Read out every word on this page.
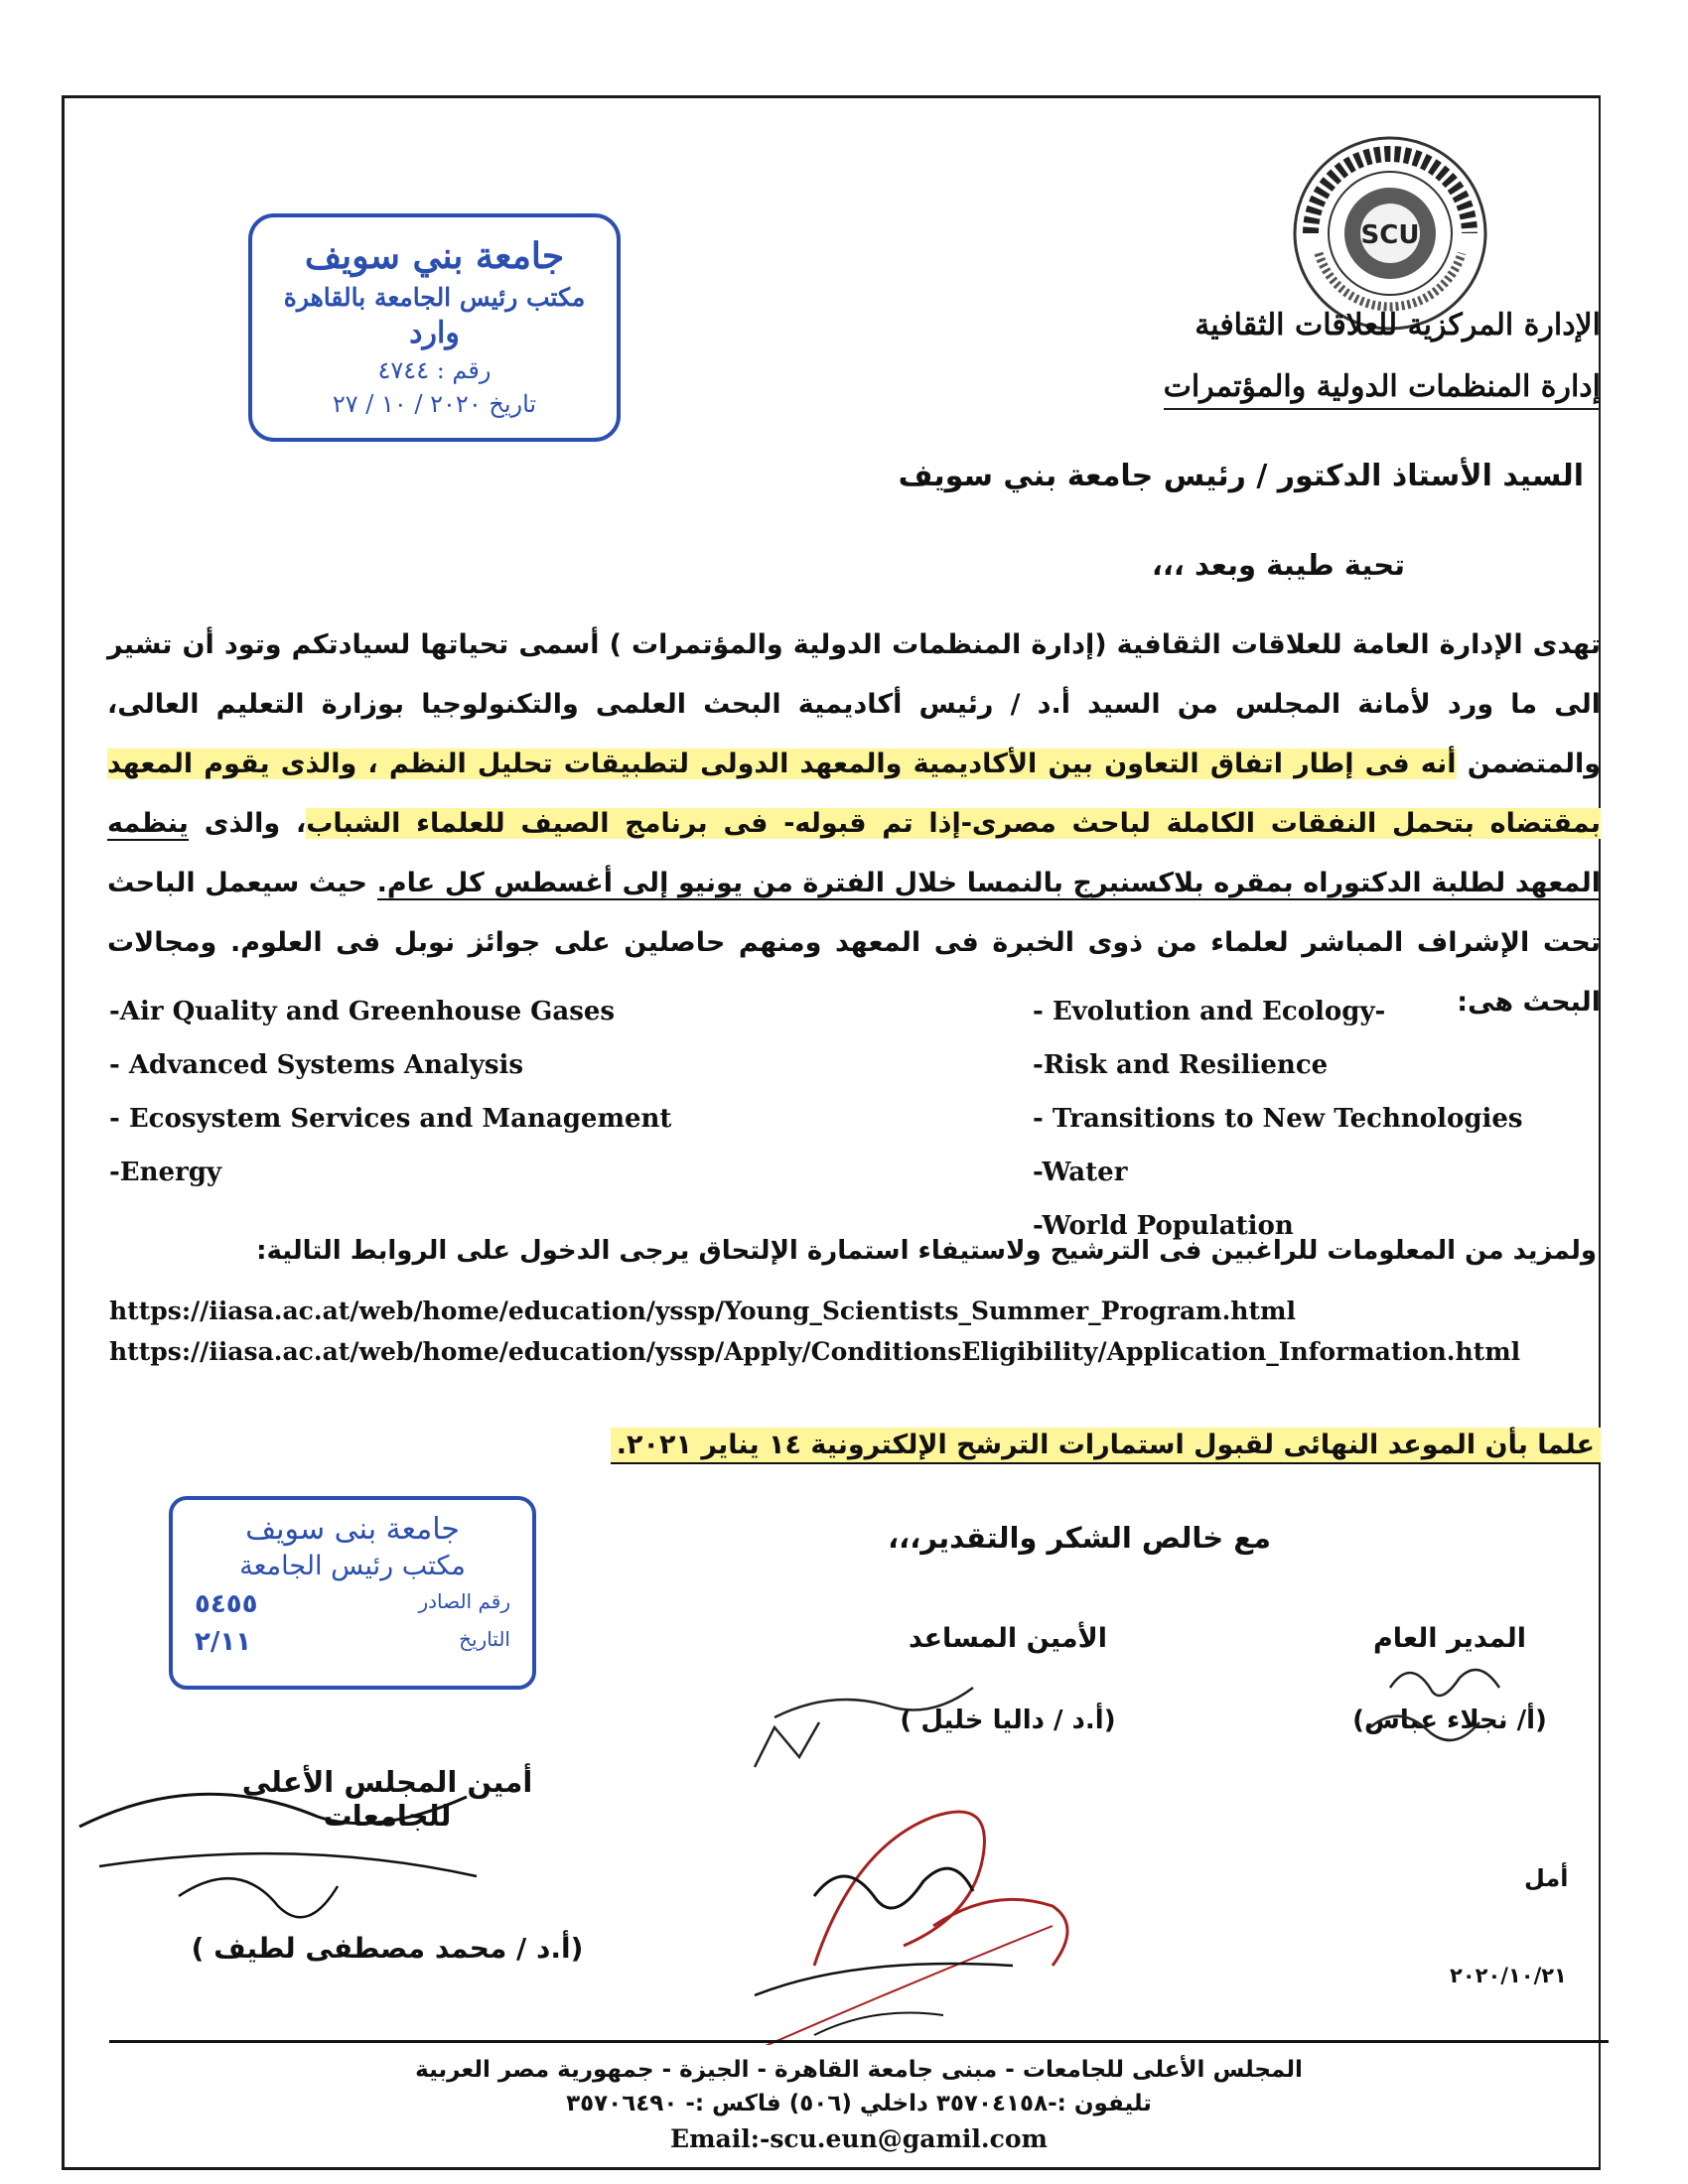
SCU
الإدارة المركزية للعلاقات الثقافية
إدارة المنظمات الدولية والمؤتمرات
جامعة بني سويف
مكتب رئيس الجامعة بالقاهرة
وارد
رقم : ٤٧٤٤
تاريخ ٢٠٢٠ / ١٠ / ٢٧
السيد الأستاذ الدكتور / رئيس جامعة بني سويف
تحية طيبة وبعد ،،،
تهدى الإدارة العامة للعلاقات الثقافية (إدارة المنظمات الدولية والمؤتمرات ) أسمى تحياتها لسيادتكم وتود أن تشير الى ما ورد لأمانة المجلس من السيد أ.د / رئيس أكاديمية البحث العلمى والتكنولوجيا بوزارة التعليم العالى، والمتضمن أنه فى إطار اتفاق التعاون بين الأكاديمية والمعهد الدولى لتطبيقات تحليل النظم ، والذى يقوم المعهد بمقتضاه بتحمل النفقات الكاملة لباحث مصرى-إذا تم قبوله- فى برنامج الصيف للعلماء الشباب، والذى ينظمه المعهد لطلبة الدكتوراه بمقره بلاكسنبرج بالنمسا خلال الفترة من يونيو إلى أغسطس كل عام. حيث سيعمل الباحث تحت الإشراف المباشر لعلماء من ذوى الخبرة فى المعهد ومنهم حاصلين على جوائز نوبل فى العلوم. ومجالات البحث هى:
-Air Quality and Greenhouse Gases
- Advanced Systems Analysis
- Ecosystem Services and Management
-Energy
- Evolution and Ecology-
-Risk and Resilience
- Transitions to New Technologies
-Water
-World Population
ولمزيد من المعلومات للراغبين فى الترشيح ولاستيفاء استمارة الإلتحاق يرجى الدخول على الروابط التالية:
https://iiasa.ac.at/web/home/education/yssp/Young_Scientists_Summer_Program.html
https://iiasa.ac.at/web/home/education/yssp/Apply/ConditionsEligibility/Application_Information.html
علما بأن الموعد النهائى لقبول استمارات الترشح الإلكترونية ١٤ يناير ٢٠٢١.
مع خالص الشكر والتقدير،،،
جامعة بنى سويف
مكتب رئيس الجامعة
رقم الصادر
٥٤٥٥
التاريخ
٢/١١	المدير العام
(أ/ نجلاء عباس)
الأمين المساعد
(أ.د / داليا خليل )
أمين المجلس الأعلي للجامعات
(أ.د / محمد مصطفى لطيف )
أمل
٢٠٢٠/١٠/٢١
المجلس الأعلى للجامعات - مبنى جامعة القاهرة - الجيزة - جمهورية مصر العربية
تليفون :-٣٥٧٠٤١٥٨ داخلي (٥٠٦) فاكس :- ٣٥٧٠٦٤٩٠
Email:-scu.eun@gamil.com
